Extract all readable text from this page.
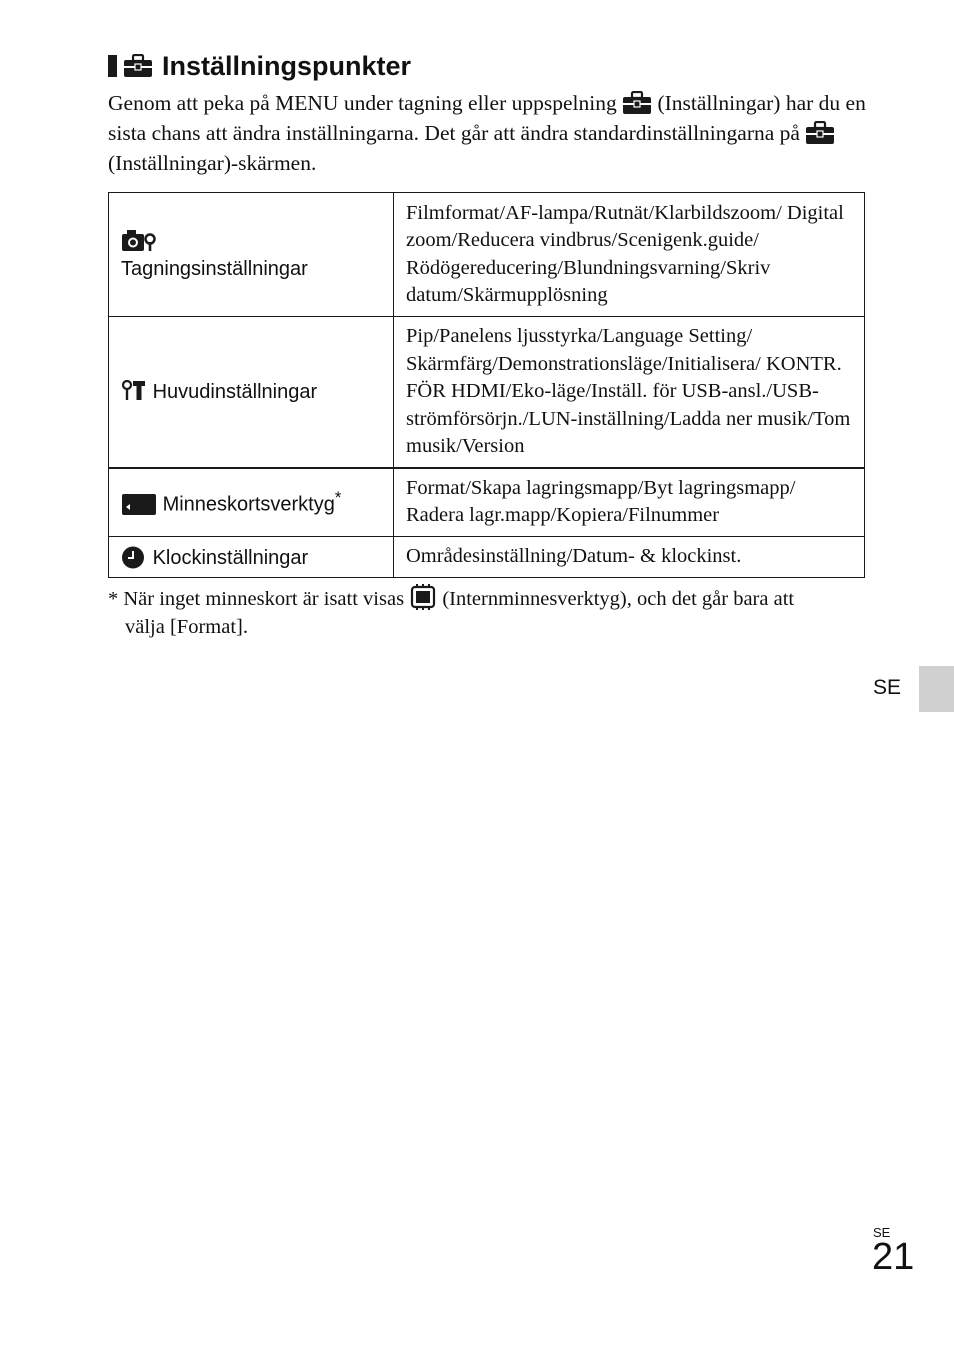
Inställningspunkter
Genom att peka på MENU under tagning eller uppspelning (Inställningar) har du en sista chans att ändra inställningarna. Det går att ändra standardinställningarna på  (Inställningar)-skärmen.
Tagningsinställningar	Filmformat/AF-lampa/Rutnät/Klarbildszoom/ Digital zoom/Reducera vindbrus/Scenigenk.guide/ Rödögereducering/Blundningsvarning/Skriv datum/Skärmupplösning
Huvudinställningar	Pip/Panelens ljusstyrka/Language Setting/ Skärmfärg/Demonstrationsläge/Initialisera/ KONTR. FÖR HDMI/Eko-läge/Inställ. för USB-ansl./USB-strömförsörjn./LUN-inställning/Ladda ner musik/Tom musik/Version
Minneskortsverktyg*	Format/Skapa lagringsmapp/Byt lagringsmapp/ Radera lagr.mapp/Kopiera/Filnummer
Klockinställningar	Områdesinställning/Datum- & klockinst.
* När inget minneskort är isatt visas (Internminnesverktyg), och det går bara att
välja [Format].
SE
SE
21
